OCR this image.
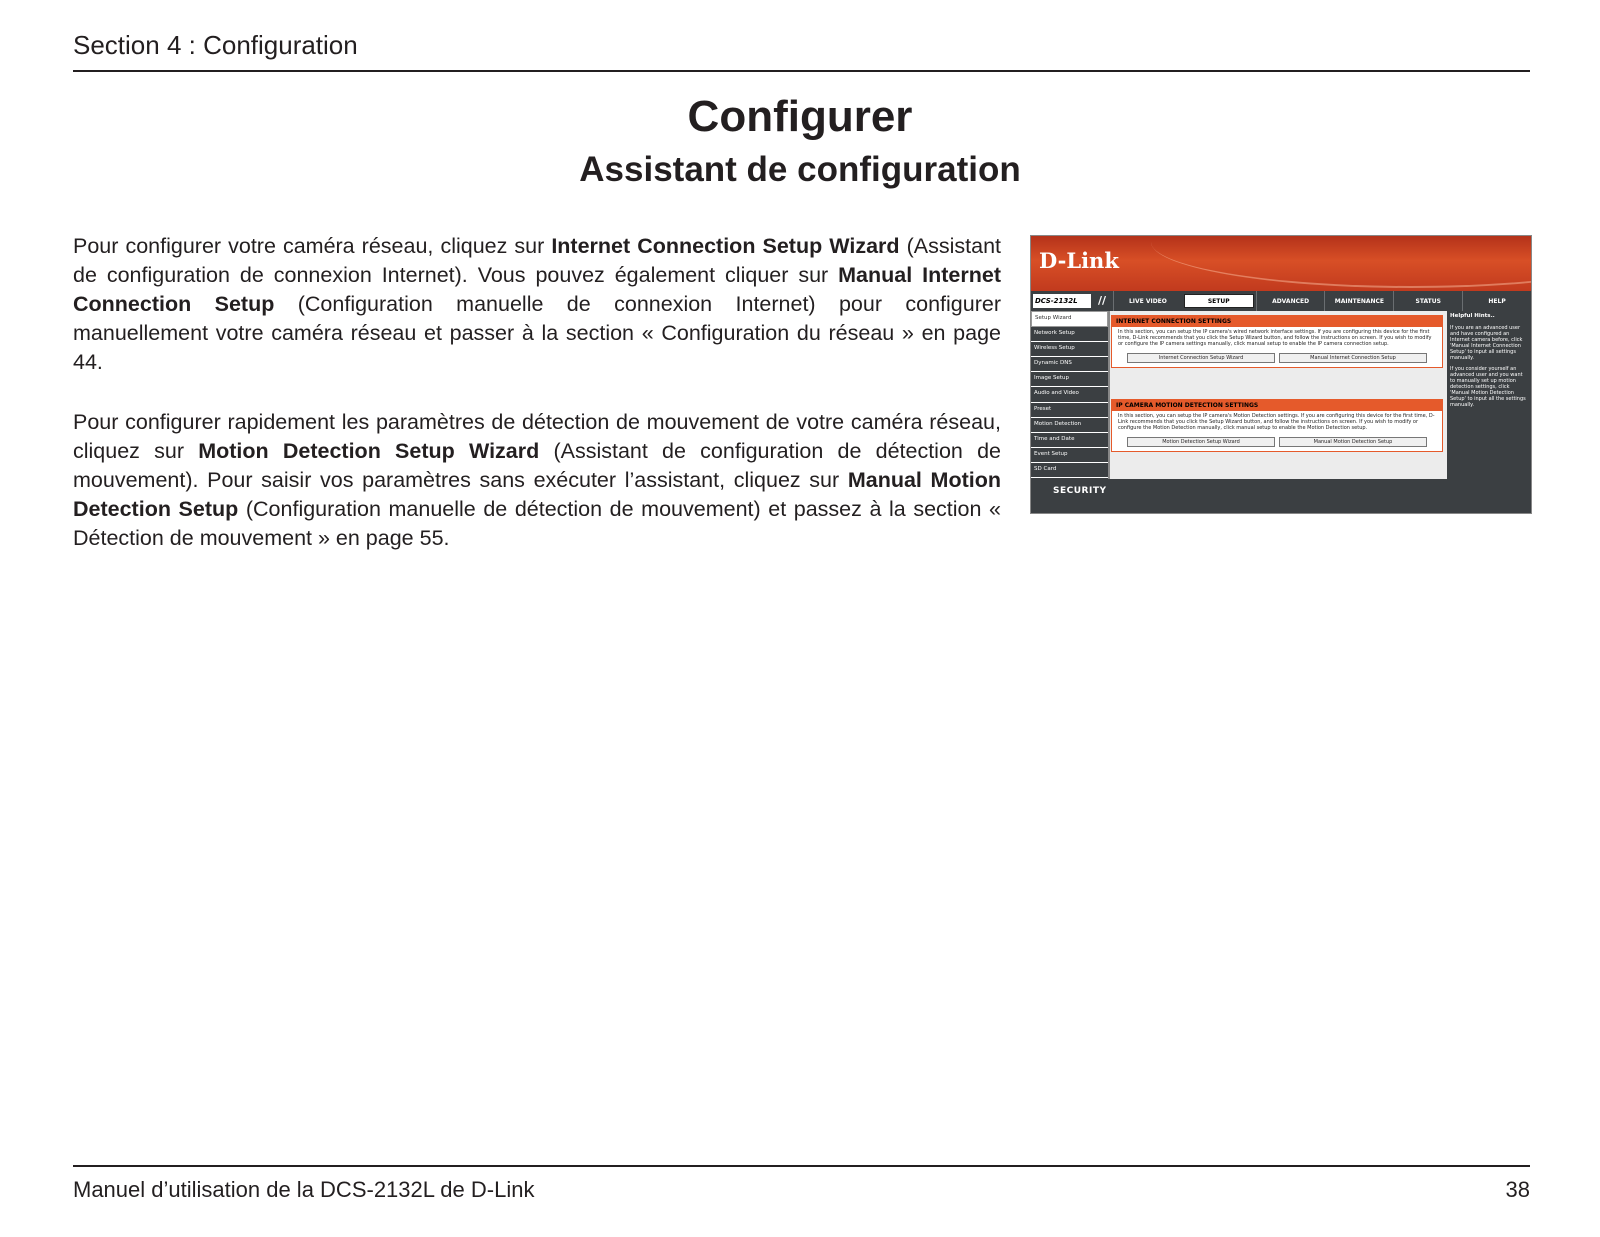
Section 4 : Configuration
Configurer
Assistant de configuration

Pour configurer votre caméra réseau, cliquez sur Internet Connection Setup Wizard (Assistant de configuration de connexion Internet). Vous pouvez également cliquer sur Manual Internet Connection Setup (Configuration manuelle de connexion Internet) pour configurer manuellement votre caméra réseau et passer à la section « Configuration du réseau » en page 44.

Pour configurer rapidement les paramètres de détection de mouvement de votre caméra réseau, cliquez sur Motion Detection Setup Wizard (Assistant de configuration de détection de mouvement). Pour saisir vos paramètres sans exécuter l’assistant, cliquez sur Manual Motion Detection Setup (Configuration manuelle de détection de mouvement) et passez à la section « Détection de mouvement » en page 55.

D-Link
DCS-2132L	//	LIVE VIDEO	SETUP	ADVANCED	MAINTENANCE	STATUS	HELP
Setup Wizard
Network Setup
Wireless Setup
Dynamic DNS
Image Setup
Audio and Video
Preset
Motion Detection
Time and Date
Event Setup
SD Card
INTERNET CONNECTION SETTINGS
In this section, you can setup the IP camera's wired network interface settings. If you are configuring this device for the first time, D-Link recommends that you click the Setup Wizard button, and follow the instructions on screen. If you wish to modify or configure the IP camera settings manually, click manual setup to enable the IP camera connection setup.
Internet Connection Setup Wizard	Manual Internet Connection Setup
IP CAMERA MOTION DETECTION SETTINGS
In this section, you can setup the IP camera's Motion Detection settings. If you are configuring this device for the first time, D-Link recommends that you click the Setup Wizard button, and follow the instructions on screen. If you wish to modify or configure the Motion Detection manually, click manual setup to enable the Motion Detection setup.
Motion Detection Setup Wizard	Manual Motion Detection Setup
Helpful Hints..

If you are an advanced user and have configured an Internet camera before, click 'Manual Internet Connection Setup' to input all settings manually.

If you consider yourself an advanced user and you want to manually set up motion detection settings, click 'Manual Motion Detection Setup' to input all the settings manually.

SECURITY
Manuel d’utilisation de la DCS-2132L de D-Link	38
